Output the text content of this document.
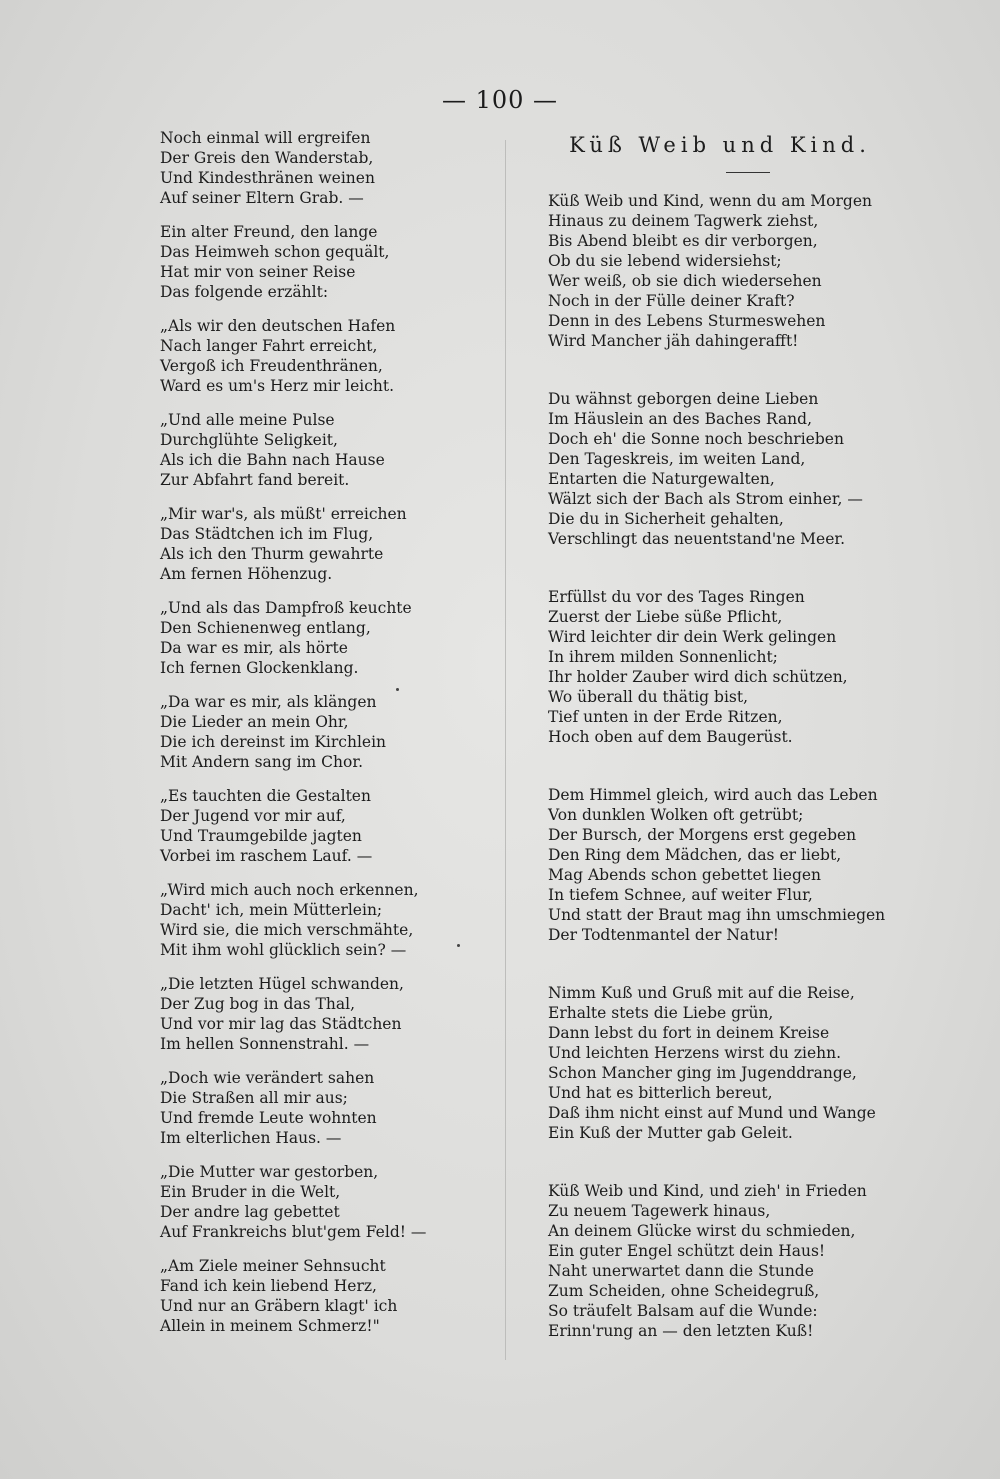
— 100 —
Noch einmal will ergreifen
Der Greis den Wanderstab,
Und Kindesthränen weinen
Auf seiner Eltern Grab. —
Ein alter Freund, den lange
Das Heimweh schon gequält,
Hat mir von seiner Reise
Das folgende erzählt:
„Als wir den deutschen Hafen
Nach langer Fahrt erreicht,
Vergoß ich Freudenthränen,
Ward es um's Herz mir leicht.
„Und alle meine Pulse
Durchglühte Seligkeit,
Als ich die Bahn nach Hause
Zur Abfahrt fand bereit.
„Mir war's, als müßt' erreichen
Das Städtchen ich im Flug,
Als ich den Thurm gewahrte
Am fernen Höhenzug.
„Und als das Dampfroß keuchte
Den Schienenweg entlang,
Da war es mir, als hörte
Ich fernen Glockenklang.
„Da war es mir, als klängen
Die Lieder an mein Ohr,
Die ich dereinst im Kirchlein
Mit Andern sang im Chor.
„Es tauchten die Gestalten
Der Jugend vor mir auf,
Und Traumgebilde jagten
Vorbei im raschem Lauf. —
„Wird mich auch noch erkennen,
Dacht' ich, mein Mütterlein;
Wird sie, die mich verschmähte,
Mit ihm wohl glücklich sein? —
„Die letzten Hügel schwanden,
Der Zug bog in das Thal,
Und vor mir lag das Städtchen
Im hellen Sonnenstrahl. —
„Doch wie verändert sahen
Die Straßen all mir aus;
Und fremde Leute wohnten
Im elterlichen Haus. —
„Die Mutter war gestorben,
Ein Bruder in die Welt,
Der andre lag gebettet
Auf Frankreichs blut'gem Feld! —
„Am Ziele meiner Sehnsucht
Fand ich kein liebend Herz,
Und nur an Gräbern klagt' ich
Allein in meinem Schmerz!"
Küß Weib und Kind.
Küß Weib und Kind, wenn du am Morgen
Hinaus zu deinem Tagwerk ziehst,
Bis Abend bleibt es dir verborgen,
Ob du sie lebend widersiehst;
Wer weiß, ob sie dich wiedersehen
Noch in der Fülle deiner Kraft?
Denn in des Lebens Sturmeswehen
Wird Mancher jäh dahingerafft!
Du wähnst geborgen deine Lieben
Im Häuslein an des Baches Rand,
Doch eh' die Sonne noch beschrieben
Den Tageskreis, im weiten Land,
Entarten die Naturgewalten,
Wälzt sich der Bach als Strom einher, —
Die du in Sicherheit gehalten,
Verschlingt das neuentstand'ne Meer.
Erfüllst du vor des Tages Ringen
Zuerst der Liebe süße Pflicht,
Wird leichter dir dein Werk gelingen
In ihrem milden Sonnenlicht;
Ihr holder Zauber wird dich schützen,
Wo überall du thätig bist,
Tief unten in der Erde Ritzen,
Hoch oben auf dem Baugerüst.
Dem Himmel gleich, wird auch das Leben
Von dunklen Wolken oft getrübt;
Der Bursch, der Morgens erst gegeben
Den Ring dem Mädchen, das er liebt,
Mag Abends schon gebettet liegen
In tiefem Schnee, auf weiter Flur,
Und statt der Braut mag ihn umschmiegen
Der Todtenmantel der Natur!
Nimm Kuß und Gruß mit auf die Reise,
Erhalte stets die Liebe grün,
Dann lebst du fort in deinem Kreise
Und leichten Herzens wirst du ziehn.
Schon Mancher ging im Jugenddrange,
Und hat es bitterlich bereut,
Daß ihm nicht einst auf Mund und Wange
Ein Kuß der Mutter gab Geleit.
Küß Weib und Kind, und zieh' in Frieden
Zu neuem Tagewerk hinaus,
An deinem Glücke wirst du schmieden,
Ein guter Engel schützt dein Haus!
Naht unerwartet dann die Stunde
Zum Scheiden, ohne Scheidegruß,
So träufelt Balsam auf die Wunde:
Erinn'rung an — den letzten Kuß!
